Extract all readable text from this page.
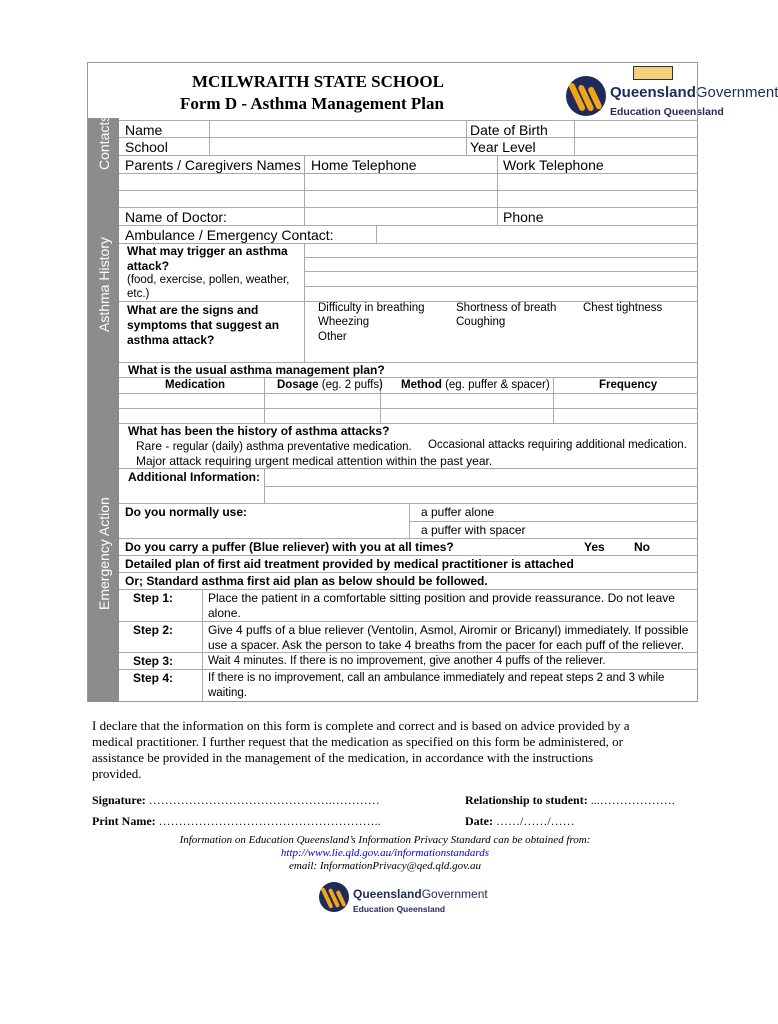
MCILWRAITH STATE SCHOOL
Form D - Asthma Management Plan
QueenslandGovernment
Education Queensland
Contacts
Asthma History
Emergency Action
Name	Date of Birth
School	Year Level
Parents / Caregivers Names Home Telephone	Work Telephone
Name of Doctor:	Phone
Ambulance / Emergency Contact:
What may trigger an asthma
attack?
(food, exercise, pollen, weather,
etc.)
What are the signs and
symptoms that suggest an
asthma attack?
Difficulty in breathing	Shortness of breath Chest tightness
Wheezing	Coughing
Other
What is the usual asthma management plan?
Medication	Dosage (eg. 2 puffs) Method (eg. puffer & spacer)	Frequency
What has been the history of asthma attacks?
Rare - regular (daily) asthma preventative medication. Occasional attacks requiring additional medication.
Major attack requiring urgent medical attention within the past year.
Additional Information:
Do you normally use:	a puffer alone
a puffer with spacer
Do you carry a puffer (Blue reliever) with you at all times?	Yes No
Detailed plan of first aid treatment provided by medical practitioner is attached
Or; Standard asthma first aid plan as below should be followed.
Step 1:	Place the patient in a comfortable sitting position and provide reassurance. Do not leave
alone.
Step 2:	Give 4 puffs of a blue reliever (Ventolin, Asmol, Airomir or Bricanyl) immediately. If possible
use a spacer. Ask the person to take 4 breaths from the pacer for each puff of the reliever.
Step 3:	Wait 4 minutes. If there is no improvement, give another 4 puffs of the reliever.
Step 4:	If there is no improvement, call an ambulance immediately and repeat steps 2 and 3 while
waiting.
I declare that the information on this form is complete and correct and is based on advice provided by a
medical practitioner. I further request that the medication as specified on this form be administered, or
assistance be provided in the management of the medication, in accordance with the instructions
provided.
Signature: ……………………………………….…………	Relationship to student: ...……………….
Print Name: ………………………………………………..	Date: ……/……/……
Information on Education Queensland’s Information Privacy Standard can be obtained from:
http://www.lie.qld.gov.au/informationstandards
email: InformationPrivacy@qed.qld.gov.au
QueenslandGovernment
Education Queensland
